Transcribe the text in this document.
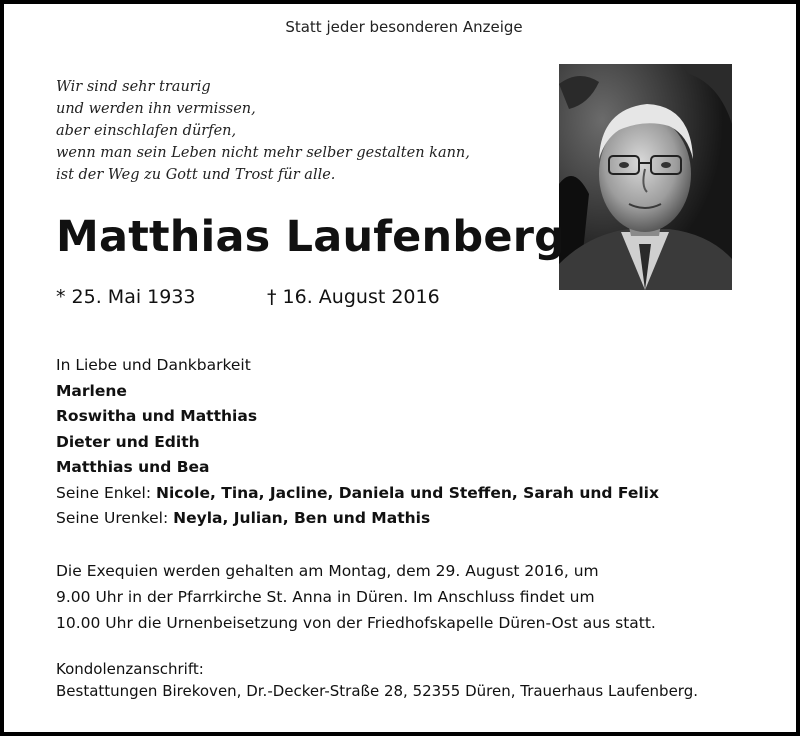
Statt jeder besonderen Anzeige
Wir sind sehr traurig
und werden ihn vermissen,
aber einschlafen dürfen,
wenn man sein Leben nicht mehr selber gestalten kann,
ist der Weg zu Gott und Trost für alle.
Matthias Laufenberg
* 25. Mai 1933	† 16. August 2016
In Liebe und Dankbarkeit
Marlene
Roswitha und Matthias
Dieter und Edith
Matthias und Bea
Seine Enkel: Nicole, Tina, Jacline, Daniela und Steffen, Sarah und Felix
Seine Urenkel: Neyla, Julian, Ben und Mathis
Die Exequien werden gehalten am Montag, dem 29. August 2016, um
9.00 Uhr in der Pfarrkirche St. Anna in Düren. Im Anschluss findet um
10.00 Uhr die Urnenbeisetzung von der Friedhofskapelle Düren-Ost aus statt.
Kondolenzanschrift:
Bestattungen Birekoven, Dr.-Decker-Straße 28, 52355 Düren, Trauerhaus Laufenberg.
